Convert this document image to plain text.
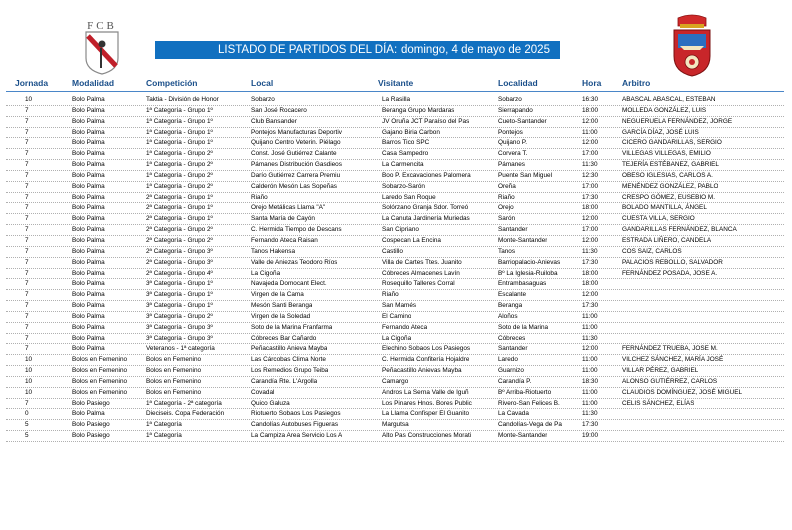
FCB
LISTADO DE PARTIDOS DEL DÍA: domingo, 4 de mayo de 2025
Jornada	Modalidad	Competición	Local	Visitante	Localidad	Hora Arbitro
10	Bolo Palma	Taktia - División de Honor	Sobarzo	La Rasilla	Sobarzo	16:30	ABASCAL ABASCAL, ESTEBAN
7	Bolo Palma	1ª Categoría - Grupo 1º	San José Rocacero	Beranga Grupo Mardaras	Sierrapando	18:00	MOLLEDA GONZÁLEZ, LUIS
7	Bolo Palma	1ª Categoría - Grupo 1º	Club Bansander	JV Oruña JCT Paraíso del Pas	Cueto-Santander	12:00	NEGUERUELA FERNÁNDEZ, JORGE
7	Bolo Palma	1ª Categoría - Grupo 1º	Pontejos Manufacturas Deportiv	Gajano Biria Carbon	Pontejos	11:00	GARCÍA DÍAZ, JOSÉ LUIS
7	Bolo Palma	1ª Categoría - Grupo 1º	Quijano Centro Veterin. Piélago	Barros Tico SPC	Quijano P.	12:00	CICERO GANDARILLAS, SERGIO
7	Bolo Palma	1ª Categoría - Grupo 2º	Const. José Gutiérrez Calante	Casa Sampedro	Corvera T.	17:00	VILLEGAS VILLEGAS, EMILIO
7	Bolo Palma	1ª Categoría - Grupo 2º	Pámanes Distribución Gasdieos	La Carmencita	Pámanes	11:30	TEJERÍA ESTÉBANEZ, GABRIEL
7	Bolo Palma	1ª Categoría - Grupo 2º	Darío Gutiérrez Carrera Premiu	Boo P. Excavaciones Palomera	Puente San Miguel	12:30	OBESO IGLESIAS, CARLOS A.
7	Bolo Palma	1ª Categoría - Grupo 2º	Calderón Mesón Las Sopeñas	Sobarzo-Sarón	Oreña	17:00	MENÉNDEZ GONZÁLEZ, PABLO
7	Bolo Palma	2ª Categoría - Grupo 1º	Riaño	Laredo San Roque	Riaño	17:30	CRESPO GÓMEZ, EUSEBIO M.
7	Bolo Palma	2ª Categoría - Grupo 1º	Orejo Metálicas Llama "A"	Solórzano Granja Sdor. Torreó	Orejo	18:00	BOLADO MANTILLA, ÁNGEL
7	Bolo Palma	2ª Categoría - Grupo 1º	Santa María de Cayón	La Canuta Jardinería Muriedas	Sarón	12:00	CUESTA VILLA, SERGIO
7	Bolo Palma	2ª Categoría - Grupo 2º	C. Hermida Tiempo de Descans	San Cipriano	Santander	17:00	GANDARILLAS FERNÁNDEZ, BLANCA
7	Bolo Palma	2ª Categoría - Grupo 2º	Fernando Ateca Raisan	Cospecan La Encina	Monte-Santander	12:00	ESTRADA LIÑERO, CANDELA
7	Bolo Palma	2ª Categoría - Grupo 3º	Tanos Hakensa	Castillo	Tanos	11:30	COS SAIZ, CARLOS
7	Bolo Palma	2ª Categoría - Grupo 3º	Valle de Aniezas Teodoro Ríos	Villa de Cartes Ttes. Juanito	Barriopalacio-Anievas	17:30	PALACIOS REBOLLO, SALVADOR
7	Bolo Palma	2ª Categoría - Grupo 4º	La Cigoña	Cóbreces Almacenes Lavín	Bº La Iglesia-Ruiloba	18:00	FERNÁNDEZ POSADA, JOSE A.
7	Bolo Palma	3ª Categoría - Grupo 1º	Navajeda Domocant Elect.	Rosequillo Talleres Corral	Entrambasaguas	18:00
7	Bolo Palma	3ª Categoría - Grupo 1º	Virgen de la Cama	Riaño	Escalante	12:00
7	Bolo Palma	3ª Categoría - Grupo 1º	Mesón Santi Beranga	San Mamés	Beranga	17:30
7	Bolo Palma	3ª Categoría - Grupo 2º	Virgen de la Soledad	El Camino	Aloños	11:00
7	Bolo Palma	3ª Categoría - Grupo 3º	Soto de la Marina Franfarma	Fernando Ateca	Soto de la Marina	11:00
7	Bolo Palma	3ª Categoría - Grupo 3º	Cóbreces Bar Cañardo	La Cigoña	Cóbreces	11:30
7	Bolo Palma	Veteranos - 1ª categoría	Peñacastillo Anieva Mayba	Elechino Sobaos Los Pasiegos	Santander	12:00	FERNÁNDEZ TRUEBA, JOSE M.
10	Bolos en Femenino	Bolos en Femenino	Las Cárcobas Clima Norte	C. Hermida Confitería Hojaldre	Laredo	11:00	VILCHEZ SÁNCHEZ, MARÍA JOSÉ
10	Bolos en Femenino	Bolos en Femenino	Los Remedios Grupo Teiba	Peñacastillo Anievas Mayba	Guarnizo	11:00	VILLAR PÉREZ, GABRIEL
10	Bolos en Femenino	Bolos en Femenino	Carandía Rte. L'Argolla	Camargo	Carandía P.	18:30	ALONSO GUTIÉRREZ, CARLOS
10	Bolos en Femenino	Bolos en Femenino	Covadal	Andros La Serna Valle de Iguñ	Bº Arriba-Riotuerto	11:00	CLAUDIOS DOMÍNGUEZ, JOSÉ MIGUEL
7	Bolo Pasiego	1ª Categoría - 2ª categoría	Quico Galuza	Los Pinares Hnos. Bores Public	Rivero-San Felices B.	11:00	CELIS SÁNCHEZ, ELÍAS
0	Bolo Palma	Dieciseis. Copa Federación	Riotuerto Sobaos Los Pasiegos	La Llama Confisper El Guanito	La Cavada	11:30
5	Bolo Pasiego	1ª Categoría	Candolías Autobuses Figueras	Margutsa	Candolías-Vega de Pa	17:30
5	Bolo Pasiego	1ª Categoría	La Campiza Area Servicio Los A	Alto Pas Construcciones Morati	Monte-Santander	19:00
